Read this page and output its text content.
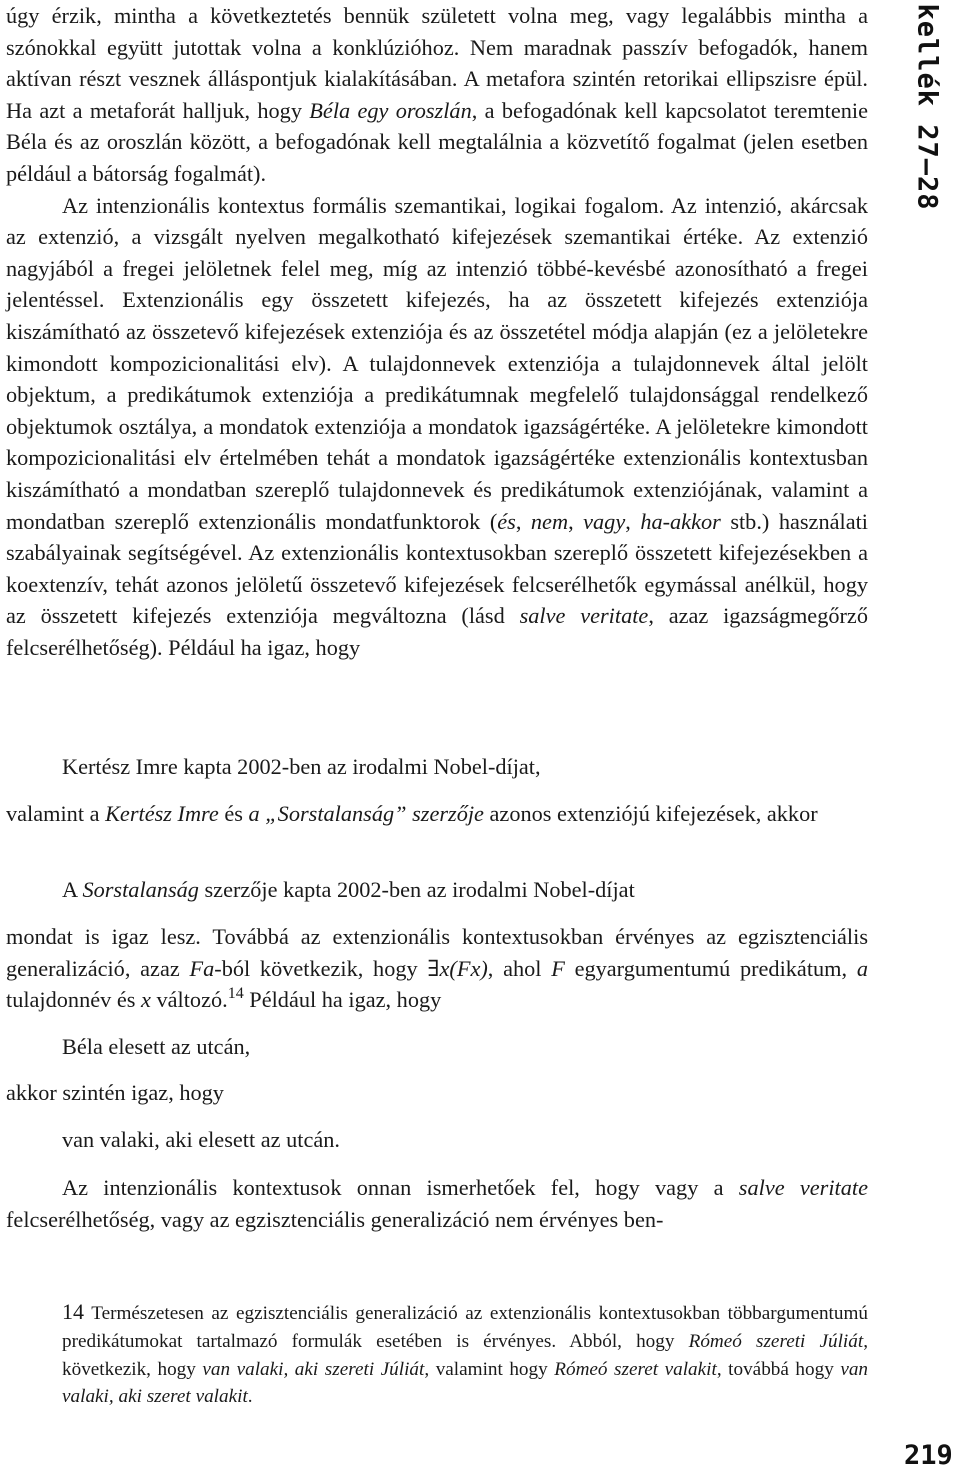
úgy érzik, mintha a következtetés bennük született volna meg, vagy legalábbis mintha a szónokkal együtt jutottak volna a konklúzióhoz. Nem maradnak passzív befogadók, hanem aktívan részt vesznek álláspontjuk kialakításában. A metafora szintén retorikai ellipszisre épül. Ha azt a metaforát halljuk, hogy Béla egy oroszlán, a befogadónak kell kapcsolatot teremtenie Béla és az oroszlán között, a befogadónak kell megtalálnia a közvetítő fogalmat (jelen esetben például a bátorság fogalmát).

Az intenzionális kontextus formális szemantikai, logikai fogalom. Az intenzió, akárcsak az extenzió, a vizsgált nyelven megalkotható kifejezések szemantikai értéke. Az extenzió nagyjából a fregei jelöletnek felel meg, míg az intenzió többé-kevésbé azonosítható a fregei jelentéssel. Extenzionális egy összetett kifejezés, ha az összetett kifejezés extenziója kiszámítható az összetevő kifejezések extenziója és az összetétel módja alapján (ez a jelöletekre kimondott kompozicionalitási elv). A tulajdonnevek extenziója a tulajdonnevek által jelölt objektum, a predikátumok extenziója a predikátumnak megfelelő tulajdonsággal rendelkező objektumok osztálya, a mondatok extenziója a mondatok igazságértéke. A jelöletekre kimondott kompozicionalitási elv értelmében tehát a mondatok igazságértéke extenzionális kontextusban kiszámítható a mondatban szereplő tulajdonnevek és predikátumok extenziójának, valamint a mondatban szereplő extenzionális mondatfunktorok (és, nem, vagy, ha-akkor stb.) használati szabályainak segítségével. Az extenzionális kontextusokban szereplő összetett kifejezésekben a koextenzív, tehát azonos jelöletű összetevő kifejezések felcserélhetők egymással anélkül, hogy az összetett kifejezés extenziója megváltozna (lásd salve veritate, azaz igazságmegőrző felcserélhetőség). Például ha igaz, hogy

Kertész Imre kapta 2002-ben az irodalmi Nobel-díjat,
valamint a Kertész Imre és a „Sorstalanság” szerzője azonos extenziójú kifejezések, akkor
A Sorstalanság szerzője kapta 2002-ben az irodalmi Nobel-díjat
mondat is igaz lesz. Továbbá az extenzionális kontextusokban érvényes az egzisztenciális generalizáció, azaz Fa-ból következik, hogy ∃x(Fx), ahol F egyargumentumú predikátum, a tulajdonnév és x változó.$^{14}$ Például ha igaz, hogy
Béla elesett az utcán,
akkor szintén igaz, hogy
van valaki, aki elesett az utcán.
Az intenzionális kontextusok onnan ismerhetőek fel, hogy vagy a salve veritate felcserélhetőség, vagy az egzisztenciális generalizáció nem érvényes ben-
14 Természetesen az egzisztenciális generalizáció az extenzionális kontextusokban többargumentumú predikátumokat tartalmazó formulák esetében is érvényes. Abból, hogy Rómeó szereti Júliát, következik, hogy van valaki, aki szereti Júliát, valamint hogy Rómeó szeret valakit, továbbá hogy van valaki, aki szeret valakit.
kellék 27–28
219
